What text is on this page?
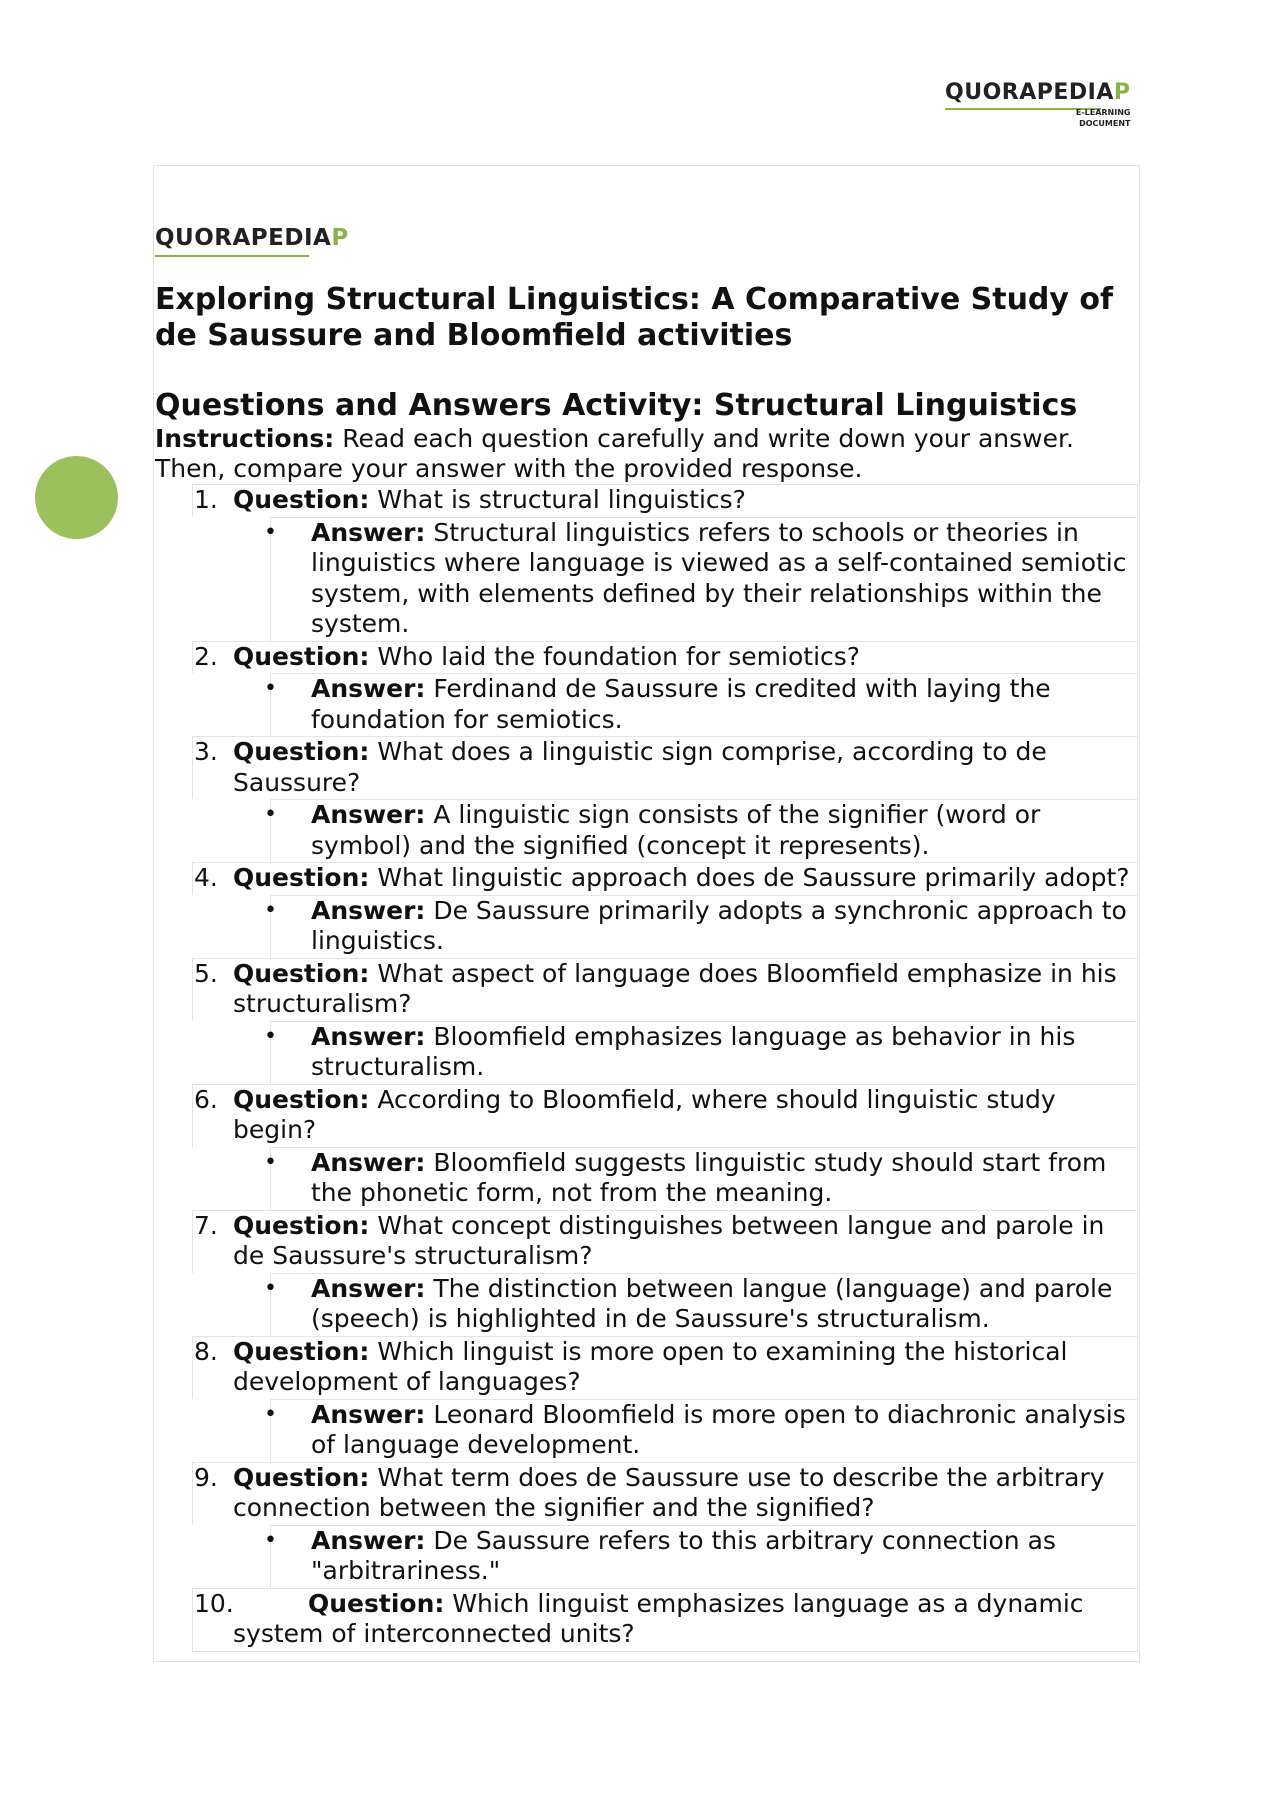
QUORAPEDIAP
E-LEARNING
DOCUMENT
QUORAPEDIAP
Exploring Structural Linguistics: A Comparative Study of de Saussure and Bloomfield activities
Questions and Answers Activity: Structural Linguistics
Instructions: Read each question carefully and write down your answer. Then, compare your answer with the provided response.
1. Question: What is structural linguistics?
• Answer: Structural linguistics refers to schools or theories in linguistics where language is viewed as a self-contained semiotic system, with elements defined by their relationships within the system.
2. Question: Who laid the foundation for semiotics?
• Answer: Ferdinand de Saussure is credited with laying the foundation for semiotics.
3. Question: What does a linguistic sign comprise, according to de Saussure?
• Answer: A linguistic sign consists of the signifier (word or symbol) and the signified (concept it represents).
4. Question: What linguistic approach does de Saussure primarily adopt?
• Answer: De Saussure primarily adopts a synchronic approach to linguistics.
5. Question: What aspect of language does Bloomfield emphasize in his structuralism?
• Answer: Bloomfield emphasizes language as behavior in his structuralism.
6. Question: According to Bloomfield, where should linguistic study begin?
• Answer: Bloomfield suggests linguistic study should start from the phonetic form, not from the meaning.
7. Question: What concept distinguishes between langue and parole in de Saussure's structuralism?
• Answer: The distinction between langue (language) and parole (speech) is highlighted in de Saussure's structuralism.
8. Question: Which linguist is more open to examining the historical development of languages?
• Answer: Leonard Bloomfield is more open to diachronic analysis of language development.
9. Question: What term does de Saussure use to describe the arbitrary connection between the signifier and the signified?
• Answer: De Saussure refers to this arbitrary connection as "arbitrariness."
10.	Question: Which linguist emphasizes language as a dynamic system of interconnected units?
